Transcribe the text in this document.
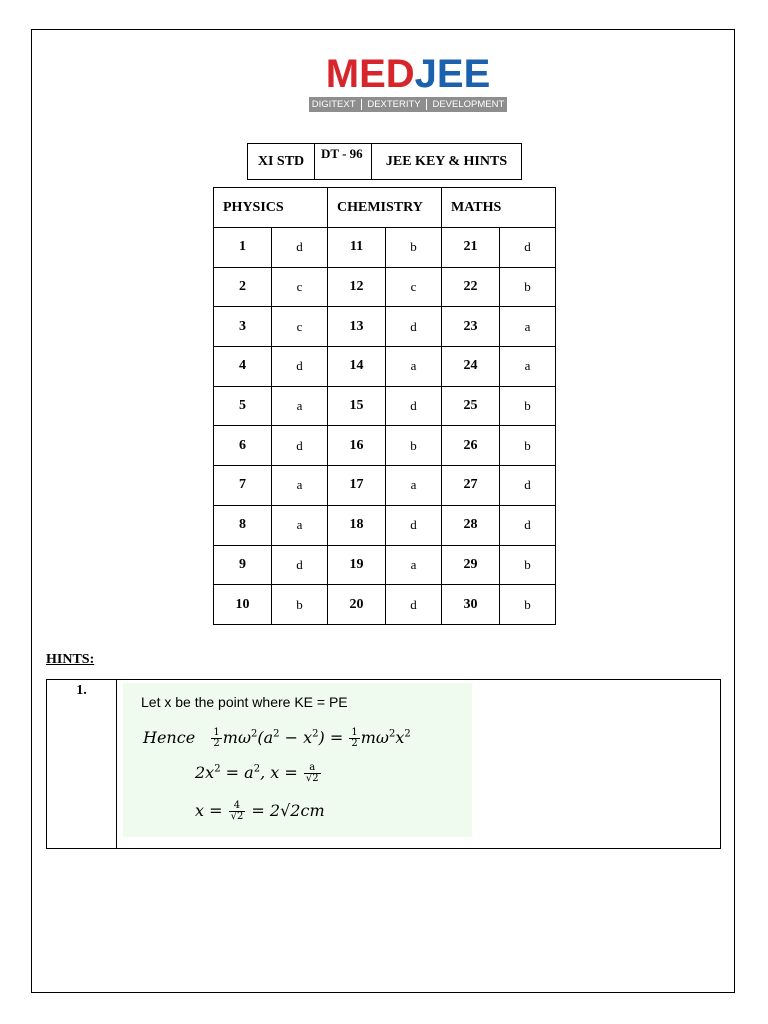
MEDJEE
DIGITEXT DEXTERITY DEVELOPMENT
XI STD	DT - 96	JEE KEY & HINTS
PHYSICS		CHEMISTRY		MATHS	
1	d	11	b	21	d
2	c	12	c	22	b
3	c	13	d	23	a
4	d	14	a	24	a
5	a	15	d	25	b
6	d	16	b	26	b
7	a	17	a	27	d
8	a	18	d	28	d
9	d	19	a	29	b
10	b	20	d	30	b
HINTS:
1.
Let x be the point where KE = PE
Hence $\frac{1}{2} m\omega^2(a^2 - x^2) = \frac{1}{2} m\omega^2x^2$
$2x^2 = a^2$, $x = \frac{a}{√2}$
$x = \frac{4}{√2} = 2√2cm$
